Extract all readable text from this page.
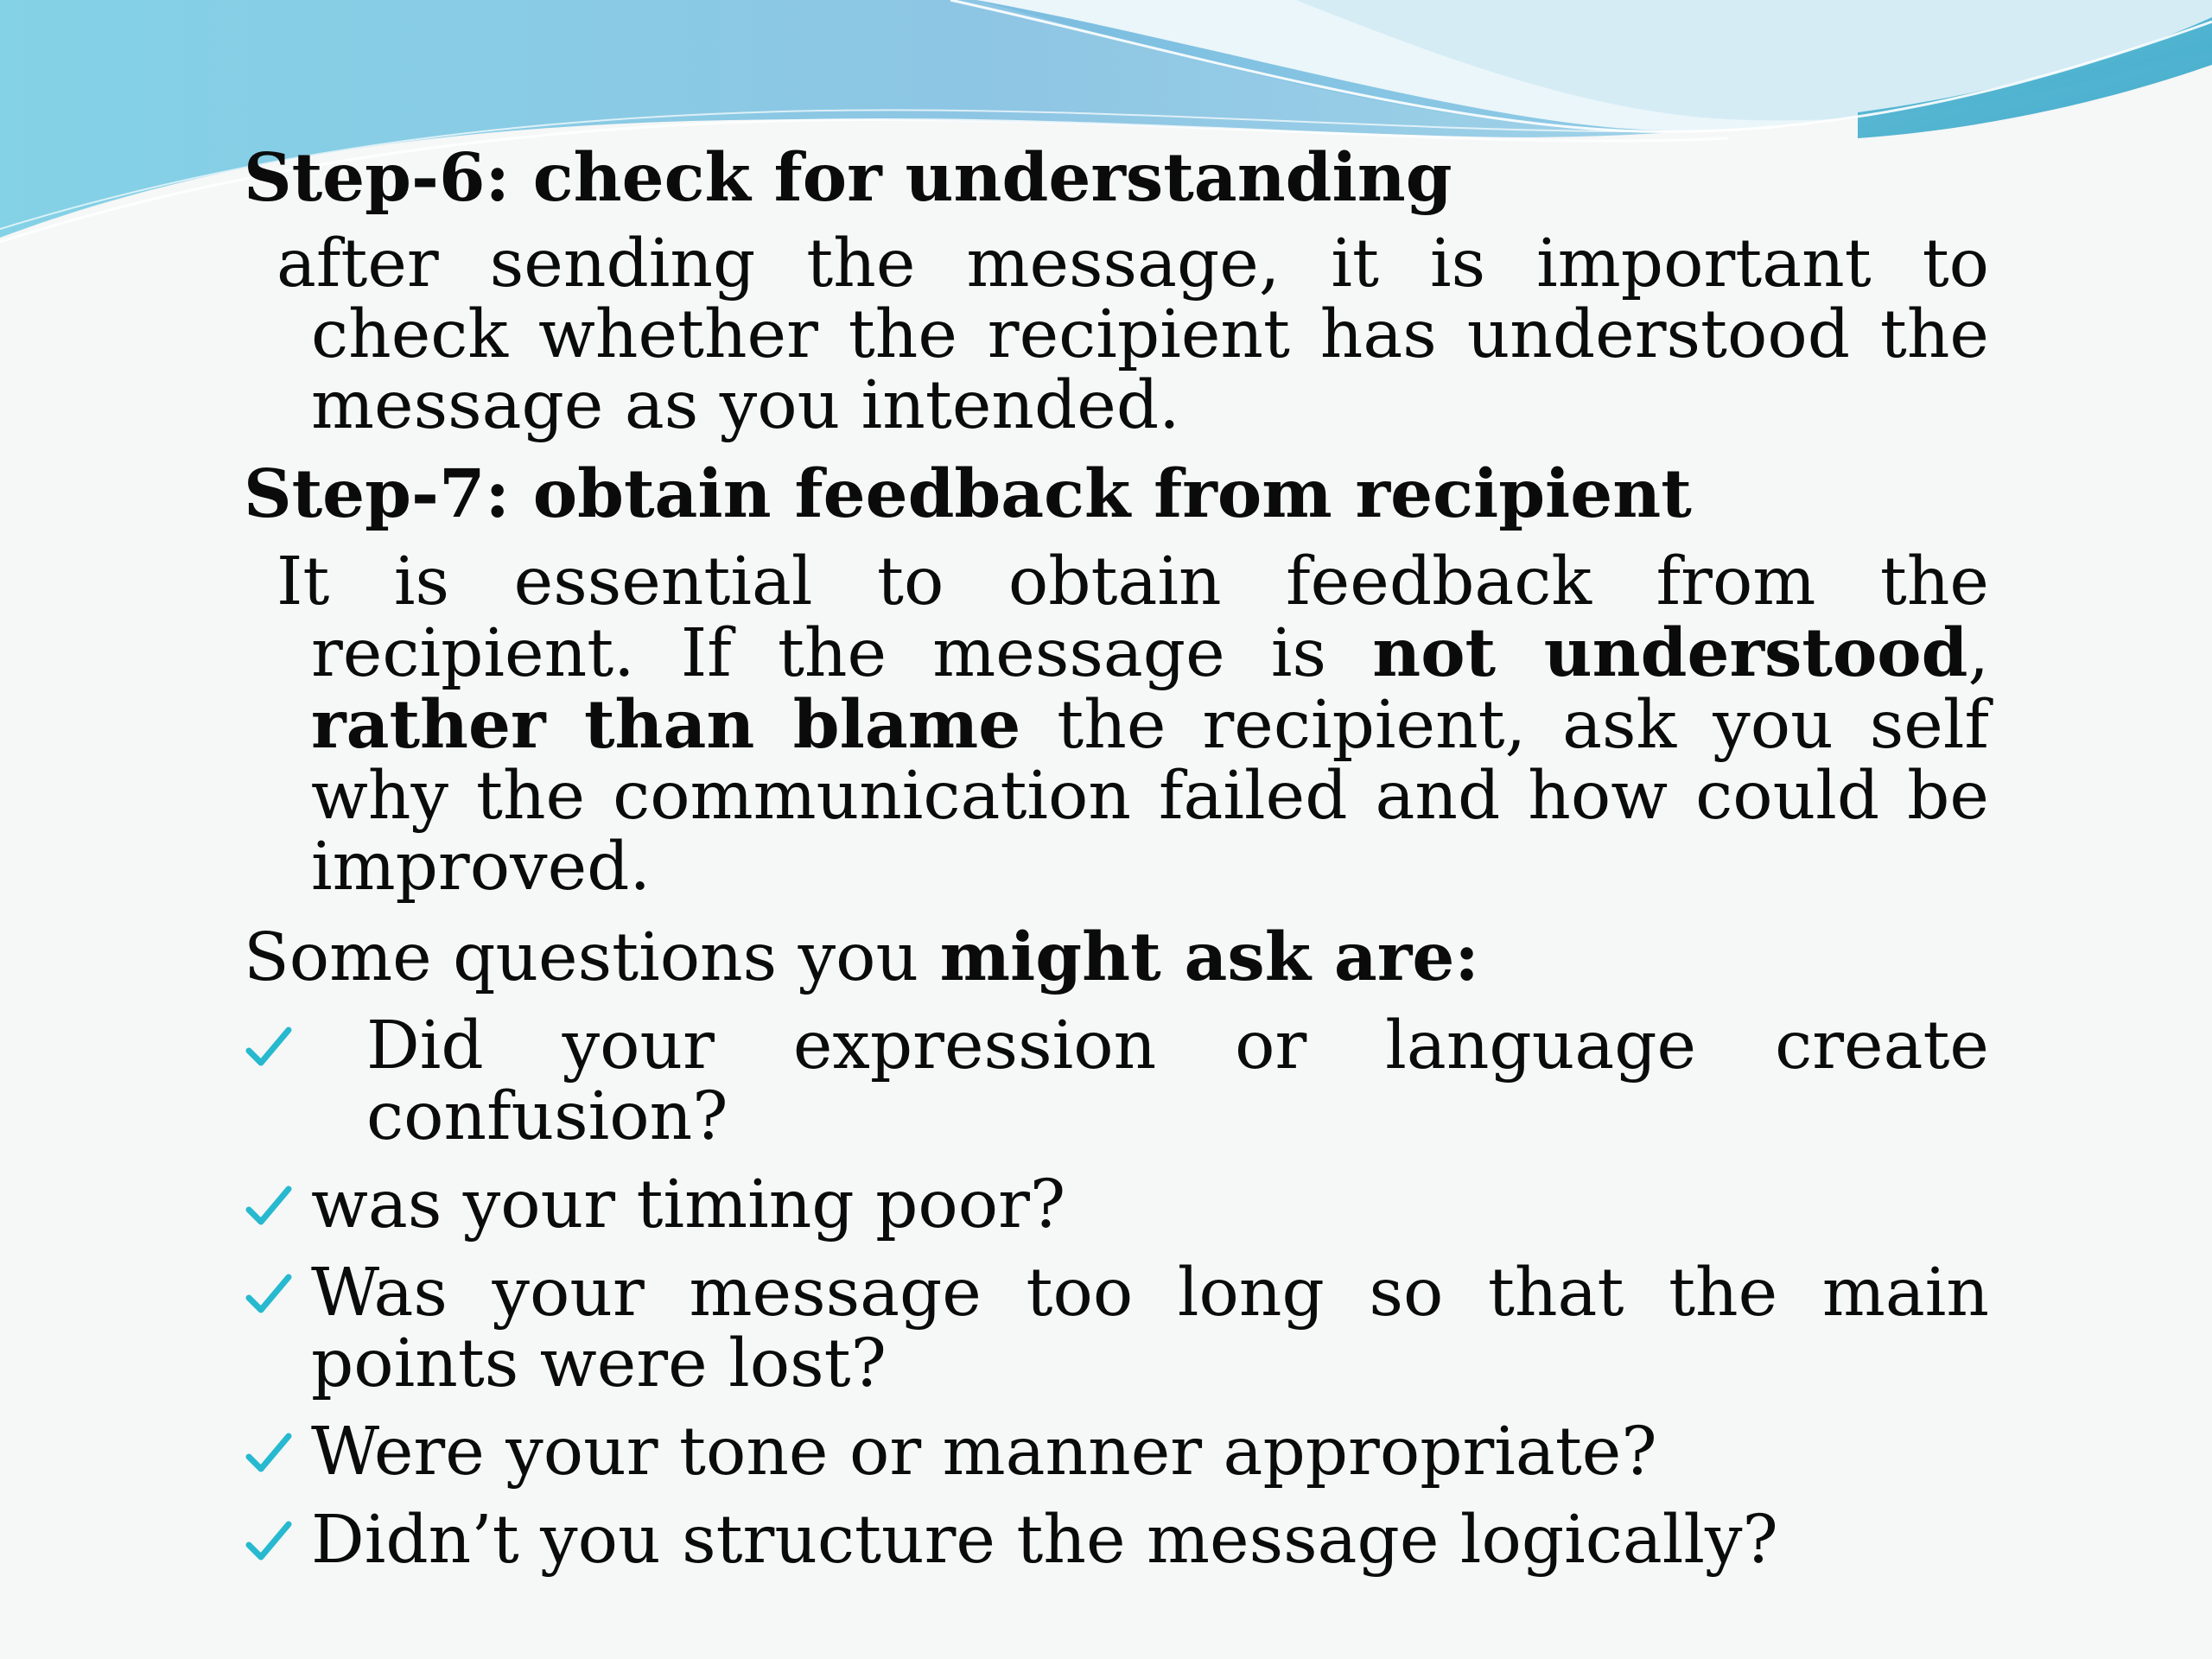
Step-6: check for understanding

after sending the message, it is important to check whether the recipient has understood the message as you intended.

Step-7: obtain feedback from recipient

It is essential to obtain feedback from the recipient. If the message is not understood, rather than blame the recipient, ask you self why the communication failed and how could be improved.

Some questions you might ask are:

Did your expression or language create confusion?
was your timing poor?
Was your message too long so that the main points were lost?
Were your tone or manner appropriate?
Didn’t you structure the message logically?
